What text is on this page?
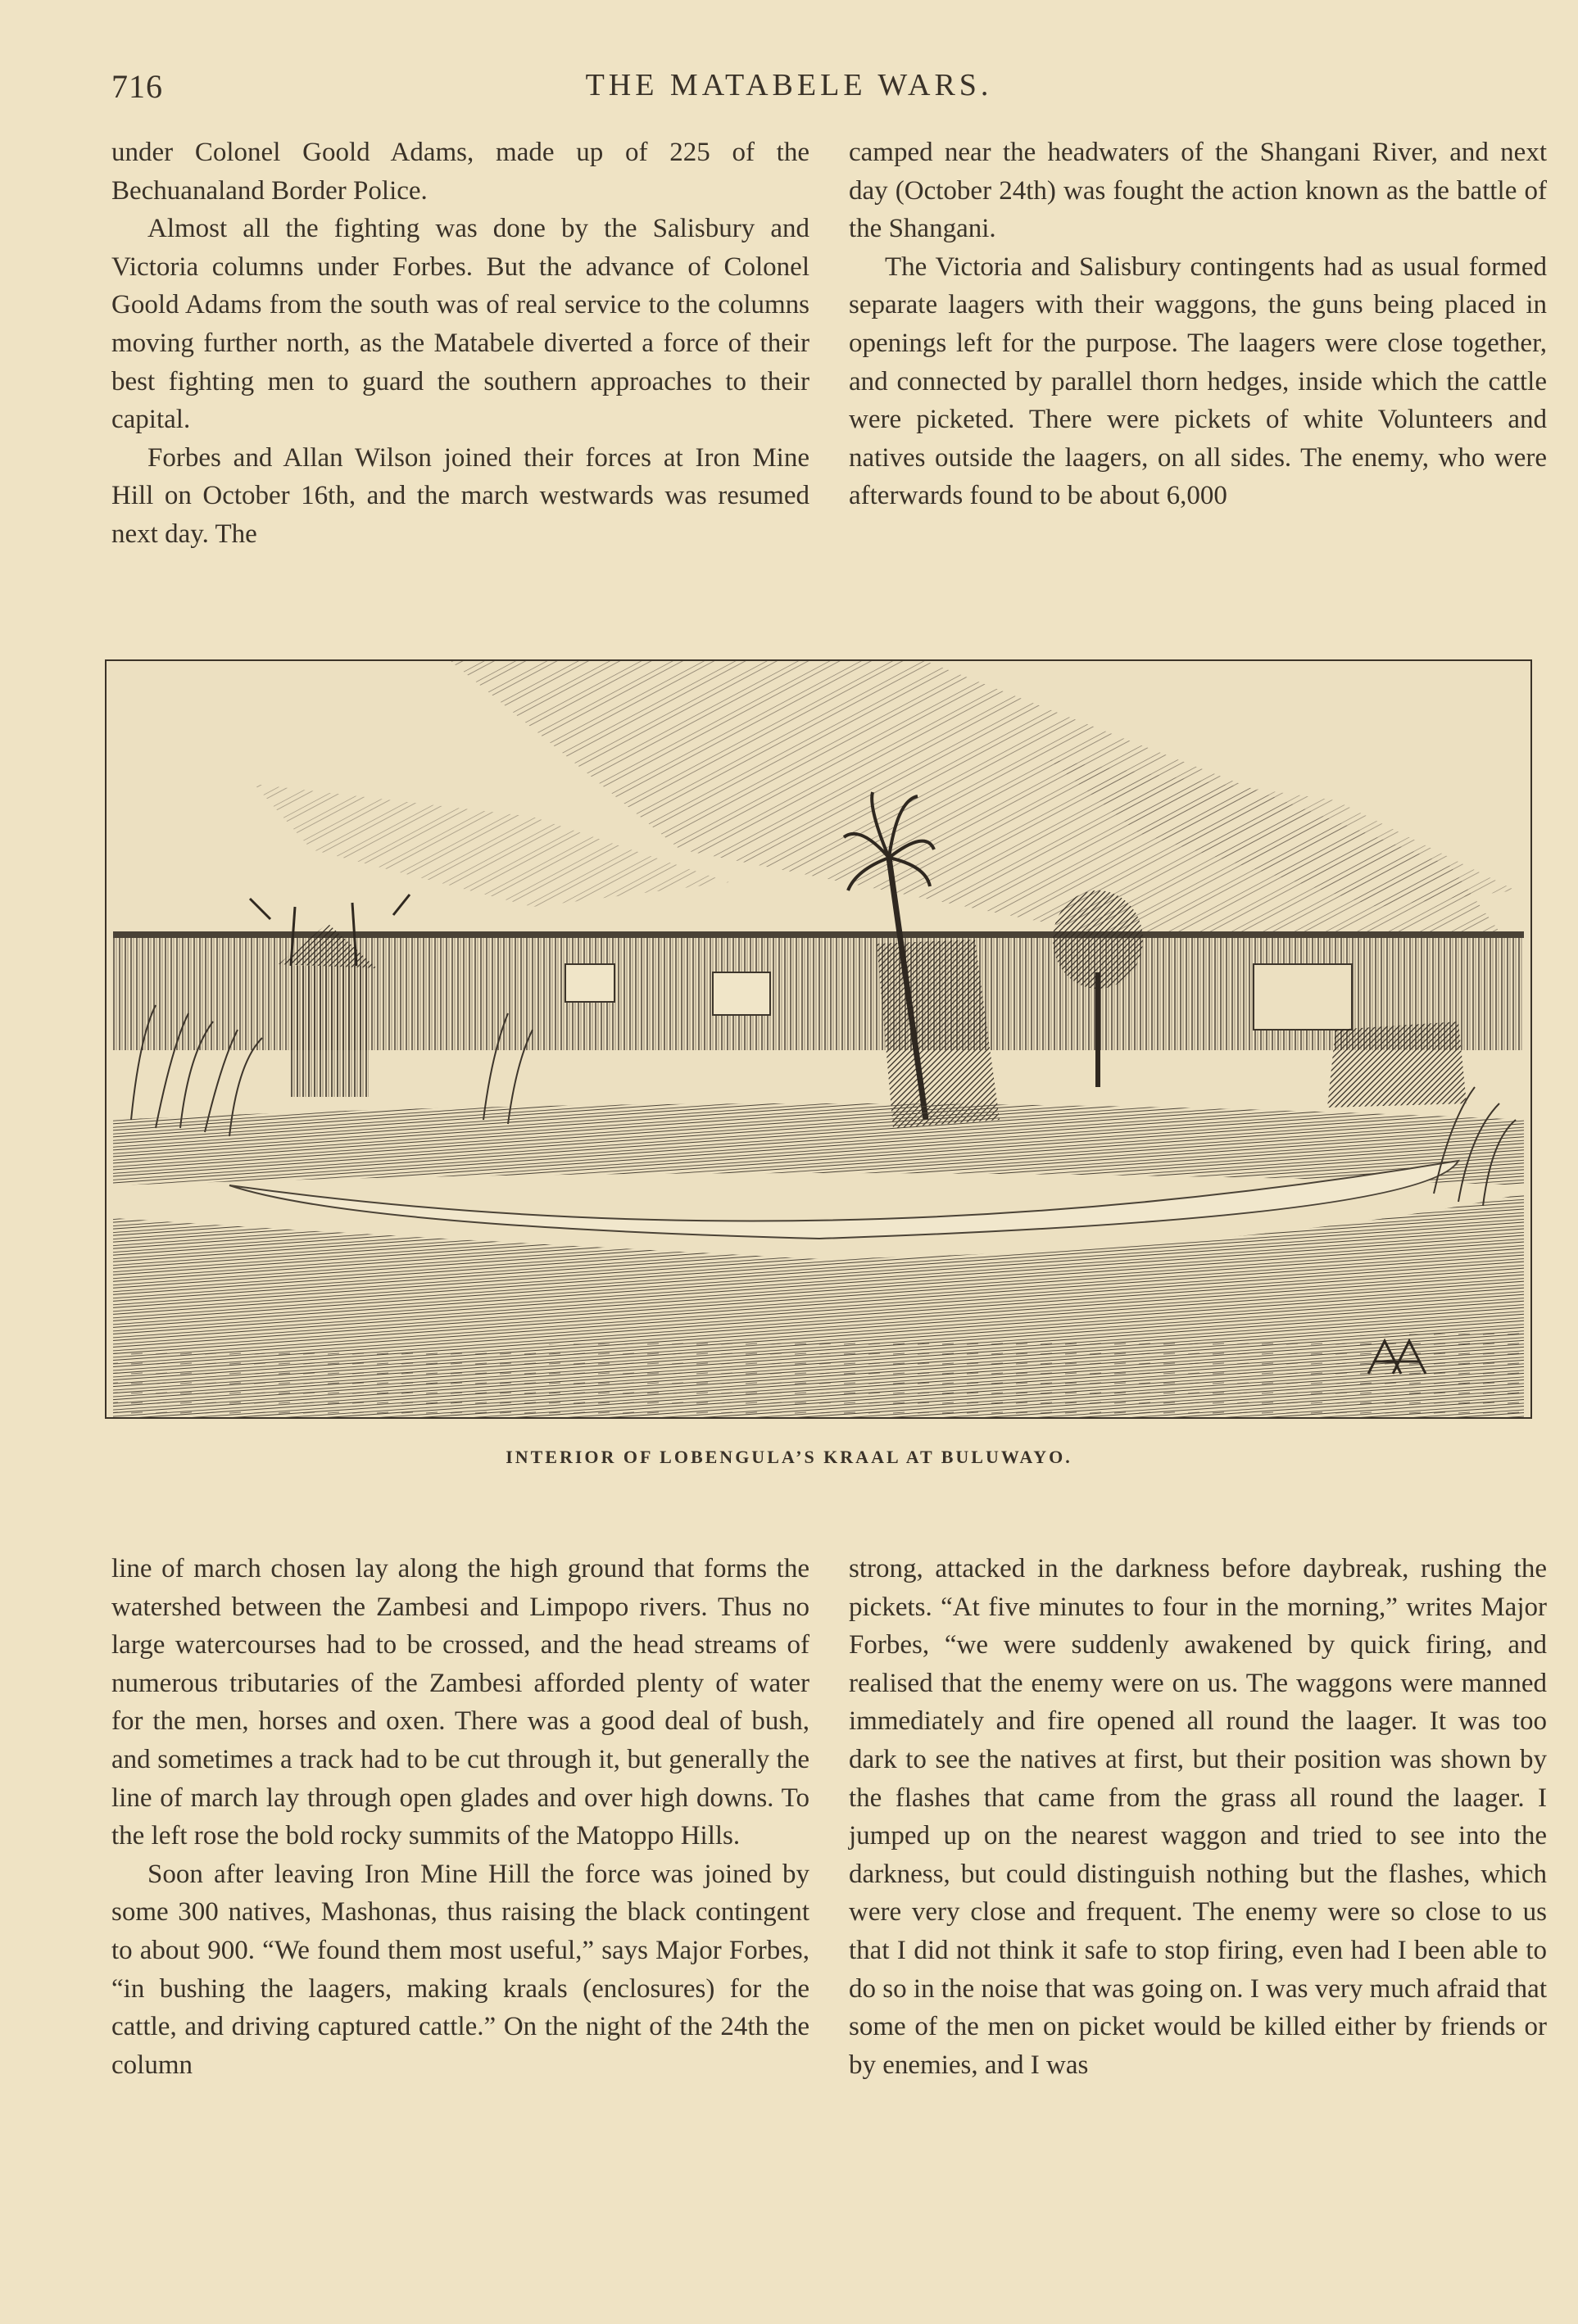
716	THE MATABELE WARS.

under Colonel Goold Adams, made up of 225 of the Bechuanaland Border Police.

Almost all the fighting was done by the Salisbury and Victoria columns under Forbes. But the advance of Colonel Goold Adams from the south was of real service to the columns moving further north, as the Matabele diverted a force of their best fighting men to guard the southern approaches to their capital.

Forbes and Allan Wilson joined their forces at Iron Mine Hill on October 16th, and the march westwards was resumed next day. The

camped near the headwaters of the Shangani River, and next day (October 24th) was fought the action known as the battle of the Shangani.

The Victoria and Salisbury contingents had as usual formed separate laagers with their waggons, the guns being placed in openings left for the purpose. The laagers were close together, and connected by parallel thorn hedges, inside which the cattle were picketed. There were pickets of white Volunteers and natives outside the laagers, on all sides. The enemy, who were afterwards found to be about 6,000

INTERIOR OF LOBENGULA’S KRAAL AT BULUWAYO.

line of march chosen lay along the high ground that forms the watershed between the Zambesi and Limpopo rivers. Thus no large watercourses had to be crossed, and the head streams of numerous tributaries of the Zambesi afforded plenty of water for the men, horses and oxen. There was a good deal of bush, and sometimes a track had to be cut through it, but generally the line of march lay through open glades and over high downs. To the left rose the bold rocky summits of the Matoppo Hills.

Soon after leaving Iron Mine Hill the force was joined by some 300 natives, Mashonas, thus raising the black contingent to about 900. “We found them most useful,” says Major Forbes, “in bushing the laagers, making kraals (enclosures) for the cattle, and driving captured cattle.” On the night of the 24th the column

strong, attacked in the darkness before daybreak, rushing the pickets. “At five minutes to four in the morning,” writes Major Forbes, “we were suddenly awakened by quick firing, and realised that the enemy were on us. The waggons were manned immediately and fire opened all round the laager. It was too dark to see the natives at first, but their position was shown by the flashes that came from the grass all round the laager. I jumped up on the nearest waggon and tried to see into the darkness, but could distinguish nothing but the flashes, which were very close and frequent. The enemy were so close to us that I did not think it safe to stop firing, even had I been able to do so in the noise that was going on. I was very much afraid that some of the men on picket would be killed either by friends or by enemies, and I was
